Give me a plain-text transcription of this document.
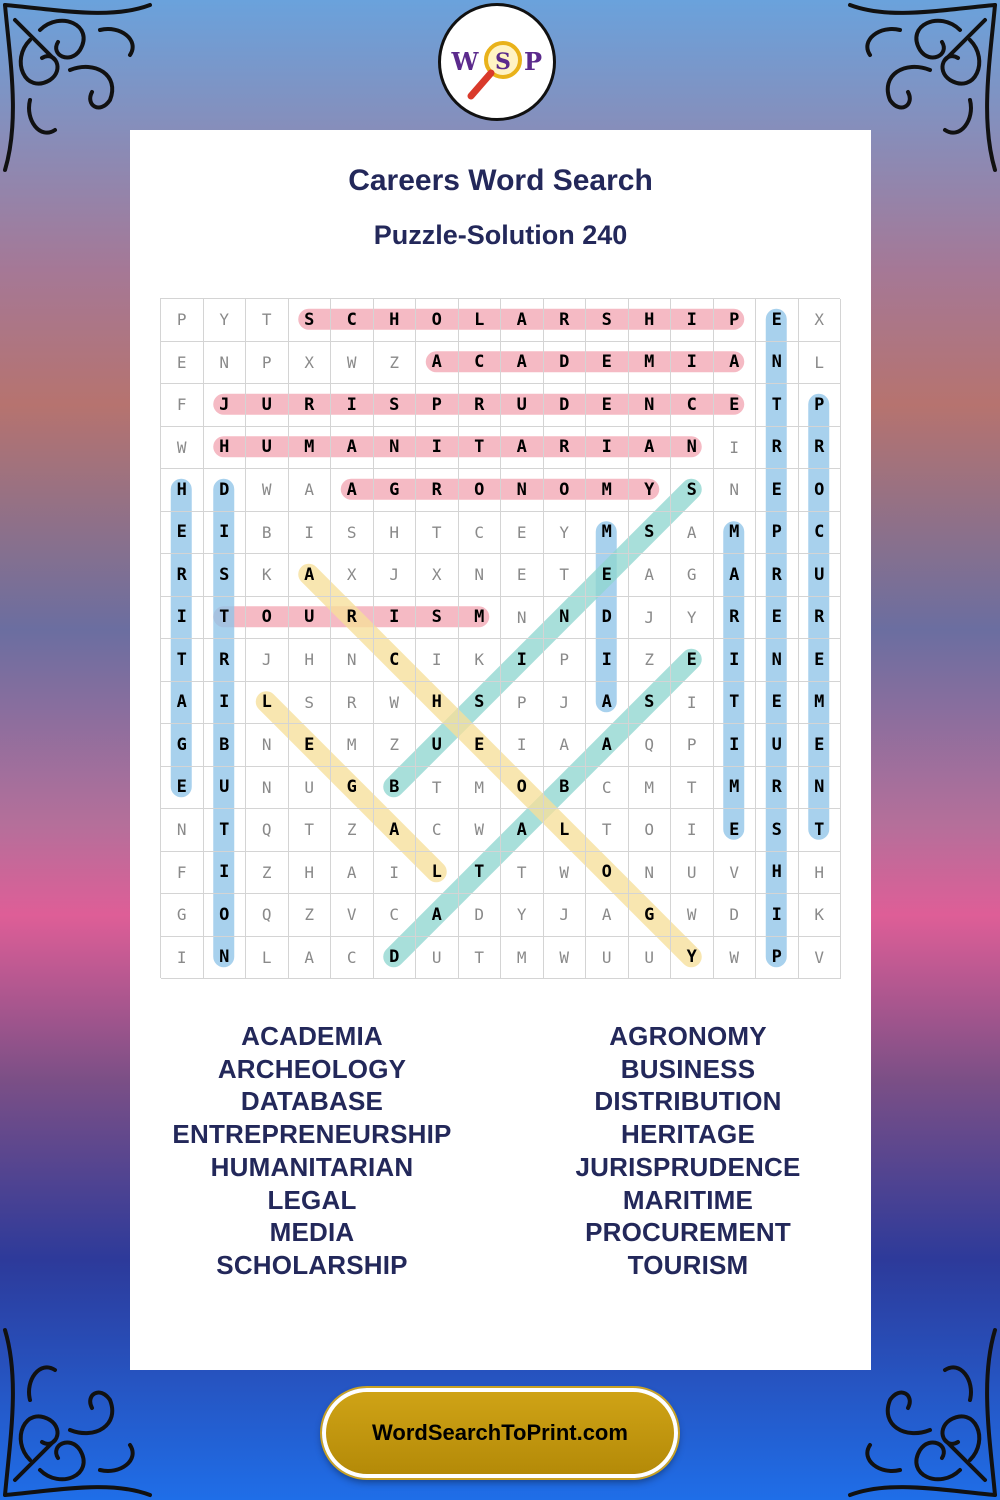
W S P
Careers Word Search
Puzzle-Solution 240
P	Y	T	S	C	H	O	L	A	R	S	H	I	P	E	X
E	N	P	X	W	Z	A	C	A	D	E	M	I	A	N	L
F	J	U	R	I	S	P	R	U	D	E	N	C	E	T	P
W	H	U	M	A	N	I	T	A	R	I	A	N	I	R	R
H	D	W	A	A	G	R	O	N	O	M	Y	S	N	E	O
E	I	B	I	S	H	T	C	E	Y	M	S	A	M	P	C
R	S	K	A	X	J	X	N	E	T	E	A	G	A	R	U
I	T	O	U	R	I	S	M	N	N	D	J	Y	R	E	R
T	R	J	H	N	C	I	K	I	P	I	Z	E	I	N	E
A	I	L	S	R	W	H	S	P	J	A	S	I	T	E	M
G	B	N	E	M	Z	U	E	I	A	A	Q	P	I	U	E
E	U	N	U	G	B	T	M	O	B	C	M	T	M	R	N
N	T	Q	T	Z	A	C	W	A	L	T	O	I	E	S	T
F	I	Z	H	A	I	L	T	T	W	O	N	U	V	H	H
G	O	Q	Z	V	C	A	D	Y	J	A	G	W	D	I	K
I	N	L	A	C	D	U	T	M	W	U	U	Y	W	P	V
ACADEMIA
ARCHEOLOGY
DATABASE
ENTREPRENEURSHIP
HUMANITARIAN
LEGAL
MEDIA
SCHOLARSHIP
AGRONOMY
BUSINESS
DISTRIBUTION
HERITAGE
JURISPRUDENCE
MARITIME
PROCUREMENT
TOURISM
WordSearchToPrint.com
